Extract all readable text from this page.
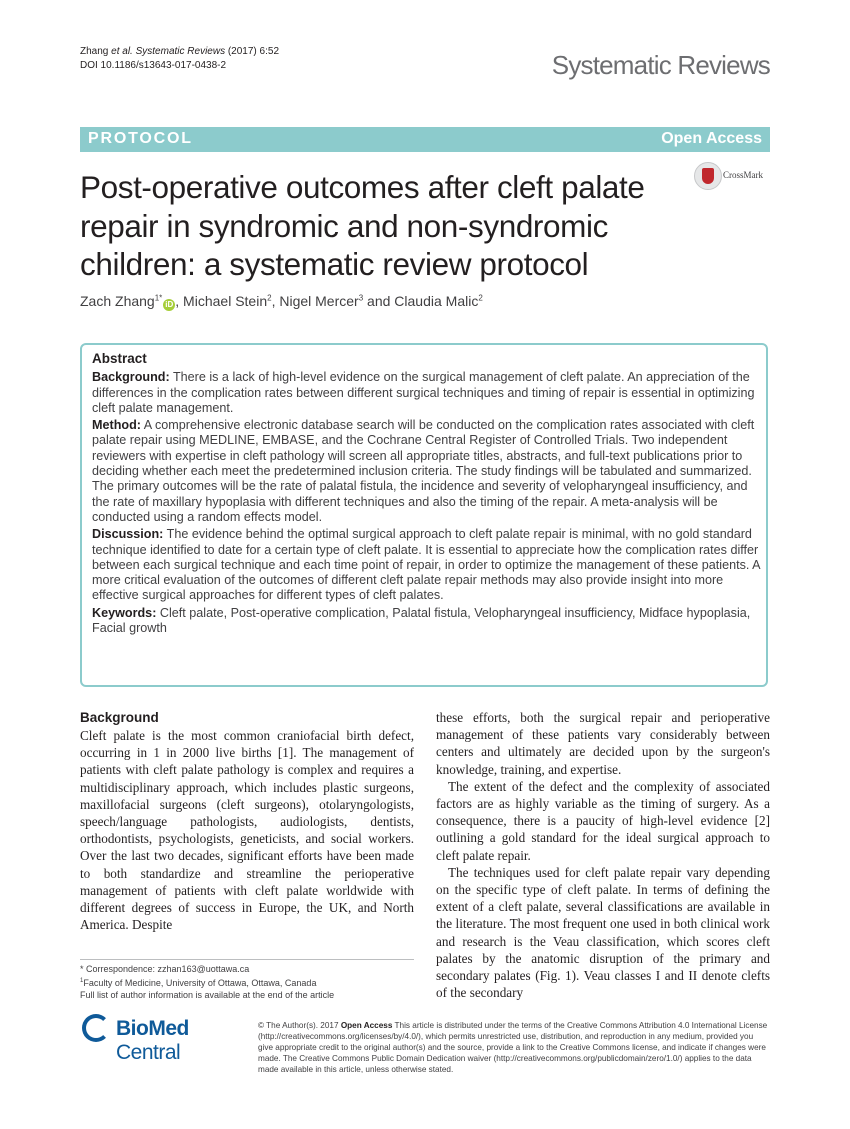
Zhang et al. Systematic Reviews (2017) 6:52
DOI 10.1186/s13643-017-0438-2	Systematic Reviews
PROTOCOL	Open Access
CrossMark
Post-operative outcomes after cleft palate repair in syndromic and non-syndromic children: a systematic review protocol
Zach Zhang$^{1*}$iD , Michael Stein$^2$, Nigel Mercer$^3$ and Claudia Malic$^2$
Abstract

Background: There is a lack of high-level evidence on the surgical management of cleft palate. An appreciation of the differences in the complication rates between different surgical techniques and timing of repair is essential in optimizing cleft palate management.

Method: A comprehensive electronic database search will be conducted on the complication rates associated with cleft palate repair using MEDLINE, EMBASE, and the Cochrane Central Register of Controlled Trials. Two independent reviewers with expertise in cleft pathology will screen all appropriate titles, abstracts, and full-text publications prior to deciding whether each meet the predetermined inclusion criteria. The study findings will be tabulated and summarized. The primary outcomes will be the rate of palatal fistula, the incidence and severity of velopharyngeal insufficiency, and the rate of maxillary hypoplasia with different techniques and also the timing of the repair. A meta-analysis will be conducted using a random effects model.

Discussion: The evidence behind the optimal surgical approach to cleft palate repair is minimal, with no gold standard technique identified to date for a certain type of cleft palate. It is essential to appreciate how the complication rates differ between each surgical technique and each time point of repair, in order to optimize the management of these patients. A more critical evaluation of the outcomes of different cleft palate repair methods may also provide insight into more effective surgical approaches for different types of cleft palates.

Keywords: Cleft palate, Post-operative complication, Palatal fistula, Velopharyngeal insufficiency, Midface hypoplasia, Facial growth

Background

Cleft palate is the most common craniofacial birth defect, occurring in 1 in 2000 live births [1]. The management of patients with cleft palate pathology is complex and requires a multidisciplinary approach, which includes plastic surgeons, maxillofacial surgeons (cleft surgeons), otolaryngologists, speech/language pathologists, audiologists, dentists, orthodontists, psychologists, geneticists, and social workers. Over the last two decades, significant efforts have been made to both standardize and streamline the perioperative management of patients with cleft palate worldwide with different degrees of success in Europe, the UK, and North America. Despite

these efforts, both the surgical repair and perioperative management of these patients vary considerably between centers and ultimately are decided upon by the surgeon's knowledge, training, and expertise.

The extent of the defect and the complexity of associated factors are as highly variable as the timing of surgery. As a consequence, there is a paucity of high-level evidence [2] outlining a gold standard for the ideal surgical approach to cleft palate repair.

The techniques used for cleft palate repair vary depending on the specific type of cleft palate. In terms of defining the extent of a cleft palate, several classifications are available in the literature. The most frequent one used in both clinical work and research is the Veau classification, which scores cleft palates by the anatomic disruption of the primary and secondary palates (Fig. 1). Veau classes I and II denote clefts of the secondary

* Correspondence: zzhan163@uottawa.ca
$^1$Faculty of Medicine, University of Ottawa, Ottawa, Canada
Full list of author information is available at the end of the article
BioMed Central
© The Author(s). 2017 Open Access This article is distributed under the terms of the Creative Commons Attribution 4.0 International License (http://creativecommons.org/licenses/by/4.0/), which permits unrestricted use, distribution, and reproduction in any medium, provided you give appropriate credit to the original author(s) and the source, provide a link to the Creative Commons license, and indicate if changes were made. The Creative Commons Public Domain Dedication waiver (http://creativecommons.org/publicdomain/zero/1.0/) applies to the data made available in this article, unless otherwise stated.
